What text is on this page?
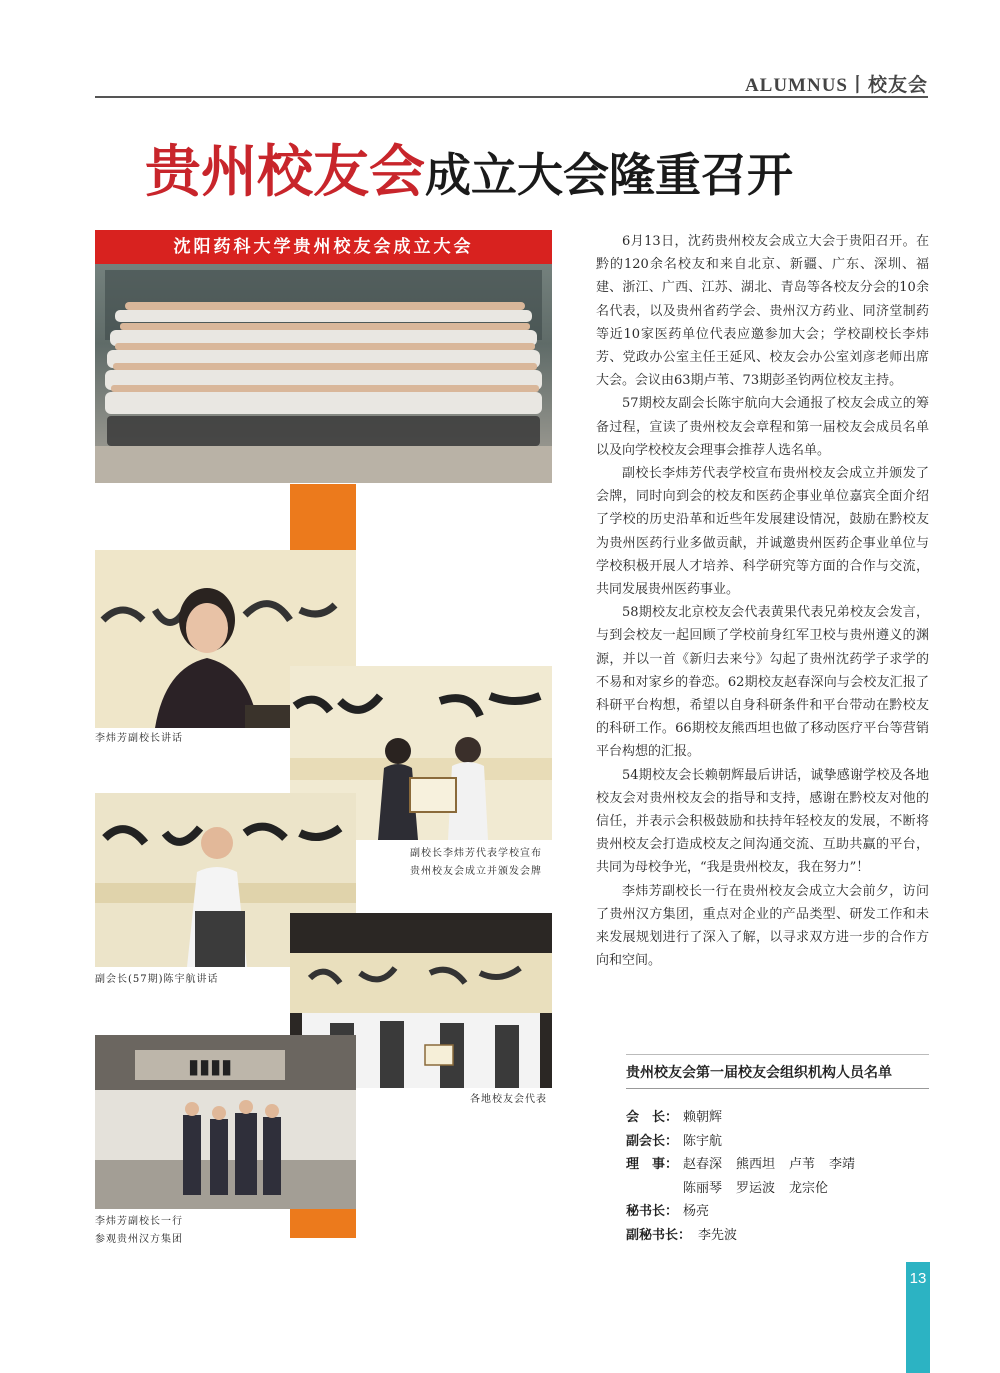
ALUMNUS丨校友会
贵州校友会成立大会隆重召开
沈阳药科大学贵州校友会成立大会
李炜芳副校长讲话
副校长李炜芳代表学校宣布
贵州校友会成立并颁发会牌
副会长(57期)陈宇航讲话
各地校友会代表
▮▮▮▮
李炜芳副校长一行
参观贵州汉方集团

6月13日，沈药贵州校友会成立大会于贵阳召开。在黔的120余名校友和来自北京、新疆、广东、深圳、福建、浙江、广西、江苏、湖北、青岛等各校友分会的10余名代表，以及贵州省药学会、贵州汉方药业、同济堂制药等近10家医药单位代表应邀参加大会；学校副校长李炜芳、党政办公室主任王延风、校友会办公室刘彦老师出席大会。会议由63期卢苇、73期彭圣钧两位校友主持。

57期校友副会长陈宇航向大会通报了校友会成立的筹备过程，宣读了贵州校友会章程和第一届校友会成员名单以及向学校校友会理事会推荐人选名单。

副校长李炜芳代表学校宣布贵州校友会成立并颁发了会牌，同时向到会的校友和医药企事业单位嘉宾全面介绍了学校的历史沿革和近些年发展建设情况，鼓励在黔校友为贵州医药行业多做贡献，并诚邀贵州医药企事业单位与学校积极开展人才培养、科学研究等方面的合作与交流，共同发展贵州医药事业。

58期校友北京校友会代表黄果代表兄弟校友会发言，与到会校友一起回顾了学校前身红军卫校与贵州遵义的渊源，并以一首《新归去来兮》勾起了贵州沈药学子求学的不易和对家乡的眷恋。62期校友赵春深向与会校友汇报了科研平台构想，希望以自身科研条件和平台带动在黔校友的科研工作。66期校友熊西坦也做了移动医疗平台等营销平台构想的汇报。

54期校友会长赖朝辉最后讲话，诚挚感谢学校及各地校友会对贵州校友会的指导和支持，感谢在黔校友对他的信任，并表示会积极鼓励和扶持年轻校友的发展，不断将贵州校友会打造成校友之间沟通交流、互助共赢的平台，共同为母校争光，“我是贵州校友，我在努力”！

李炜芳副校长一行在贵州校友会成立大会前夕，访问了贵州汉方集团，重点对企业的产品类型、研发工作和未来发展规划进行了深入了解，以寻求双方进一步的合作方向和空间。

贵州校友会第一届校友会组织机构人员名单
会　长： 赖朝辉
副会长： 陈宇航
理　事： 赵春深 熊西坦 卢苇 李靖
陈丽琴 罗运波 龙宗伦
秘书长： 杨亮
副秘书长： 李先波
13
